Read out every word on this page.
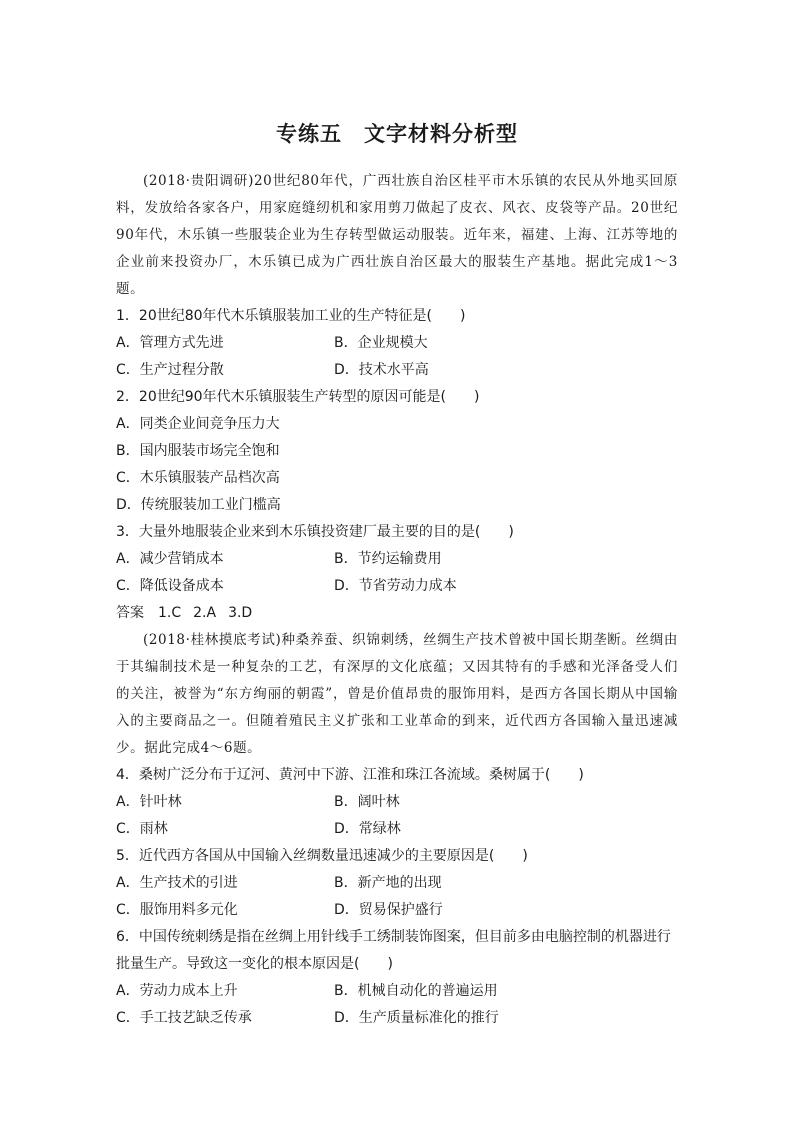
专练五　文字材料分析型

(2018·贵阳调研)20世纪80年代，广西壮族自治区桂平市木乐镇的农民从外地买回原料，发放给各家各户，用家庭缝纫机和家用剪刀做起了皮衣、风衣、皮袋等产品。20世纪90年代，木乐镇一些服装企业为生存转型做运动服装。近年来，福建、上海、江苏等地的企业前来投资办厂，木乐镇已成为广西壮族自治区最大的服装生产基地。据此完成1～3题。

1．20世纪80年代木乐镇服装加工业的生产特征是(　　)

A．管理方式先进	B．企业规模大

C．生产过程分散	D．技术水平高

2．20世纪90年代木乐镇服装生产转型的原因可能是(　　)

A．同类企业间竞争压力大

B．国内服装市场完全饱和

C．木乐镇服装产品档次高

D．传统服装加工业门槛高

3．大量外地服装企业来到木乐镇投资建厂最主要的目的是(　　)

A．减少营销成本	B．节约运输费用

C．降低设备成本	D．节省劳动力成本

答案 1.C 2.A 3.D

(2018·桂林摸底考试)种桑养蚕、织锦刺绣，丝绸生产技术曾被中国长期垄断。丝绸由于其编制技术是一种复杂的工艺，有深厚的文化底蕴；又因其特有的手感和光泽备受人们的关注，被誉为“东方绚丽的朝霞”，曾是价值昂贵的服饰用料，是西方各国长期从中国输入的主要商品之一。但随着殖民主义扩张和工业革命的到来，近代西方各国输入量迅速减少。据此完成4～6题。

4．桑树广泛分布于辽河、黄河中下游、江淮和珠江各流域。桑树属于(　　)

A．针叶林	B．阔叶林

C．雨林	D．常绿林

5．近代西方各国从中国输入丝绸数量迅速减少的主要原因是(　　)

A．生产技术的引进	B．新产地的出现

C．服饰用料多元化	D．贸易保护盛行

6．中国传统刺绣是指在丝绸上用针线手工绣制装饰图案，但目前多由电脑控制的机器进行批量生产。导致这一变化的根本原因是(　　)

A．劳动力成本上升	B．机械自动化的普遍运用

C．手工技艺缺乏传承	D．生产质量标准化的推行
